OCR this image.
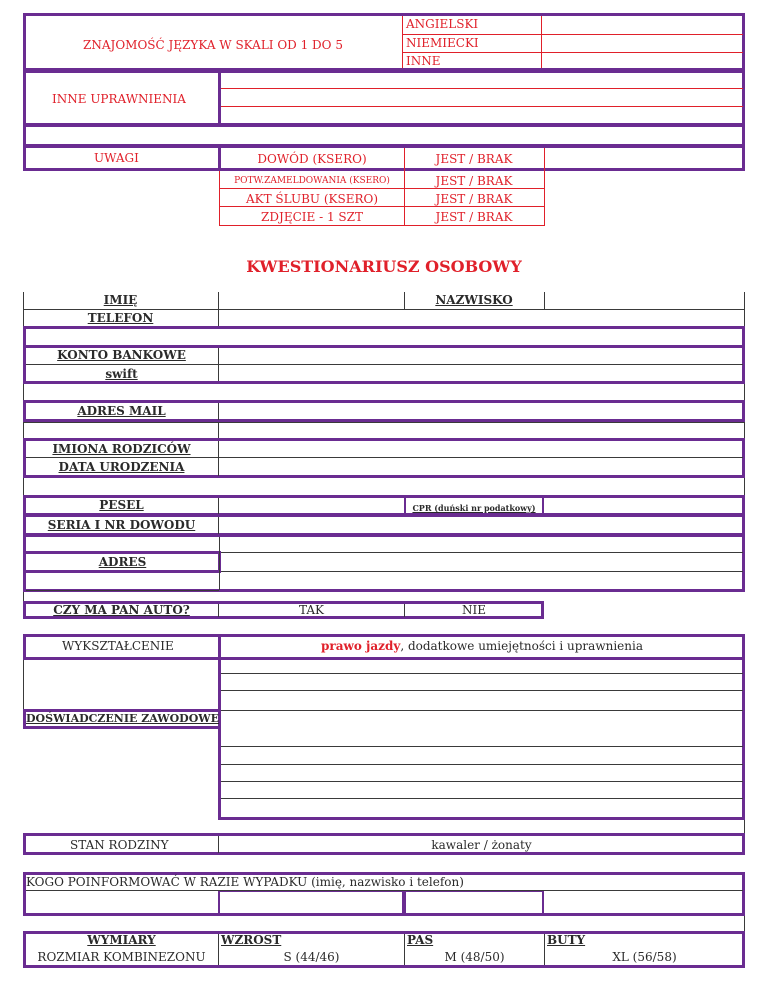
ZNAJOMOŚĆ JĘZYKA W SKALI OD 1 DO 5
ANGIELSKI
NIEMIECKI
INNE
INNE UPRAWNIENIA
UWAGI	DOWÓD (KSERO)	JEST / BRAK
POTW.ZAMELDOWANIA (KSERO)	JEST / BRAK
AKT ŚLUBU (KSERO)	JEST / BRAK
ZDJĘCIE - 1 SZT	JEST / BRAK
KWESTIONARIUSZ OSOBOWY
IMIĘ	NAZWISKO
TELEFON
KONTO BANKOWE
swift
ADRES MAIL
IMIONA RODZICÓW
DATA URODZENIA
PESEL	CPR (duński nr podatkowy)
SERIA I NR DOWODU
ADRES
CZY MA PAN AUTO?	TAK	NIE
WYKSZTAŁCENIE	prawo jazdy, dodatkowe umiejętności i uprawnienia
DOŚWIADCZENIE ZAWODOWE
STAN RODZINY	kawaler / żonaty
KOGO POINFORMOWAĆ W RAZIE WYPADKU (imię, nazwisko i telefon)
WYMIARY	WZROST	PAS	BUTY
ROZMIAR KOMBINEZONU	S (44/46)	M (48/50)	XL (56/58)
